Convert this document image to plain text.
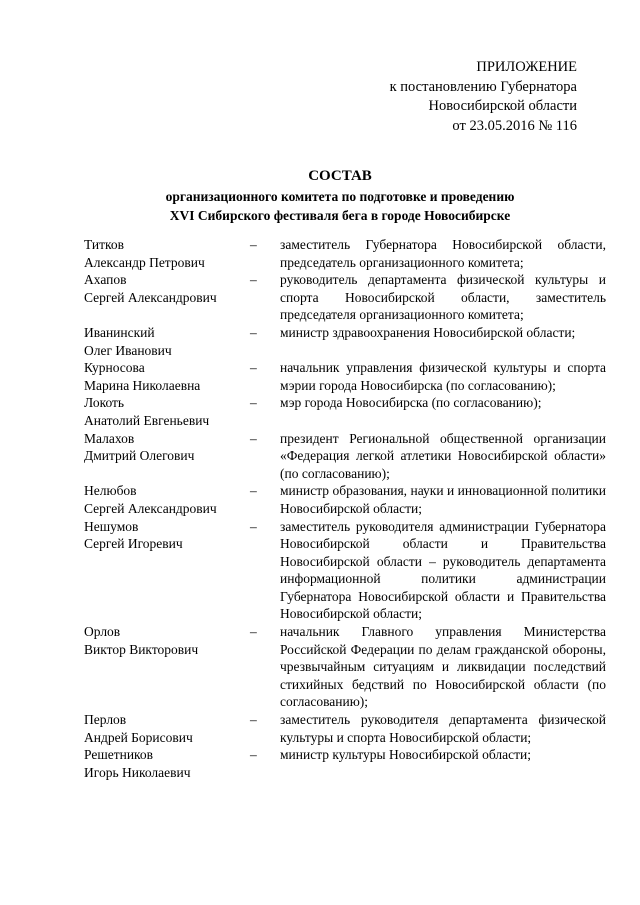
ПРИЛОЖЕНИЕ
к постановлению Губернатора
Новосибирской области
от 23.05.2016 № 116
СОСТАВ
организационного комитета по подготовке и проведению
XVI Сибирского фестиваля бега в городе Новосибирске
Титков
Александр Петрович
–	заместитель Губернатора Новосибирской области, председатель организационного комитета;
Ахапов
Сергей Александрович
–	руководитель департамента физической культуры и спорта Новосибирской области, заместитель председателя организационного комитета;
Иванинский
Олег Иванович
–	министр здравоохранения Новосибирской области;
Курносова
Марина Николаевна
–	начальник управления физической культуры и спорта мэрии города Новосибирска (по согласованию);
Локоть
Анатолий Евгеньевич
–	мэр города Новосибирска (по согласованию);
Малахов
Дмитрий Олегович
–	президент Региональной общественной организации «Федерация легкой атлетики Новосибирской области» (по согласованию);
Нелюбов
Сергей Александрович
–	министр образования, науки и инновационной политики Новосибирской области;
Нешумов
Сергей Игоревич
–	заместитель руководителя администрации Губернатора Новосибирской области и Правительства Новосибирской области – руководитель департамента информационной	политики администрации Губернатора Новосибирской области и Правительства Новосибирской области;
Орлов
Виктор Викторович
–	начальник Главного управления Министерства Российской Федерации по делам гражданской обороны, чрезвычайным ситуациям и ликвидации последствий стихийных бедствий по Новосибирской области (по согласованию);
Перлов
Андрей Борисович
–	заместитель руководителя департамента физической культуры и спорта Новосибирской области;
Решетников
Игорь Николаевич
–	министр культуры Новосибирской области;
